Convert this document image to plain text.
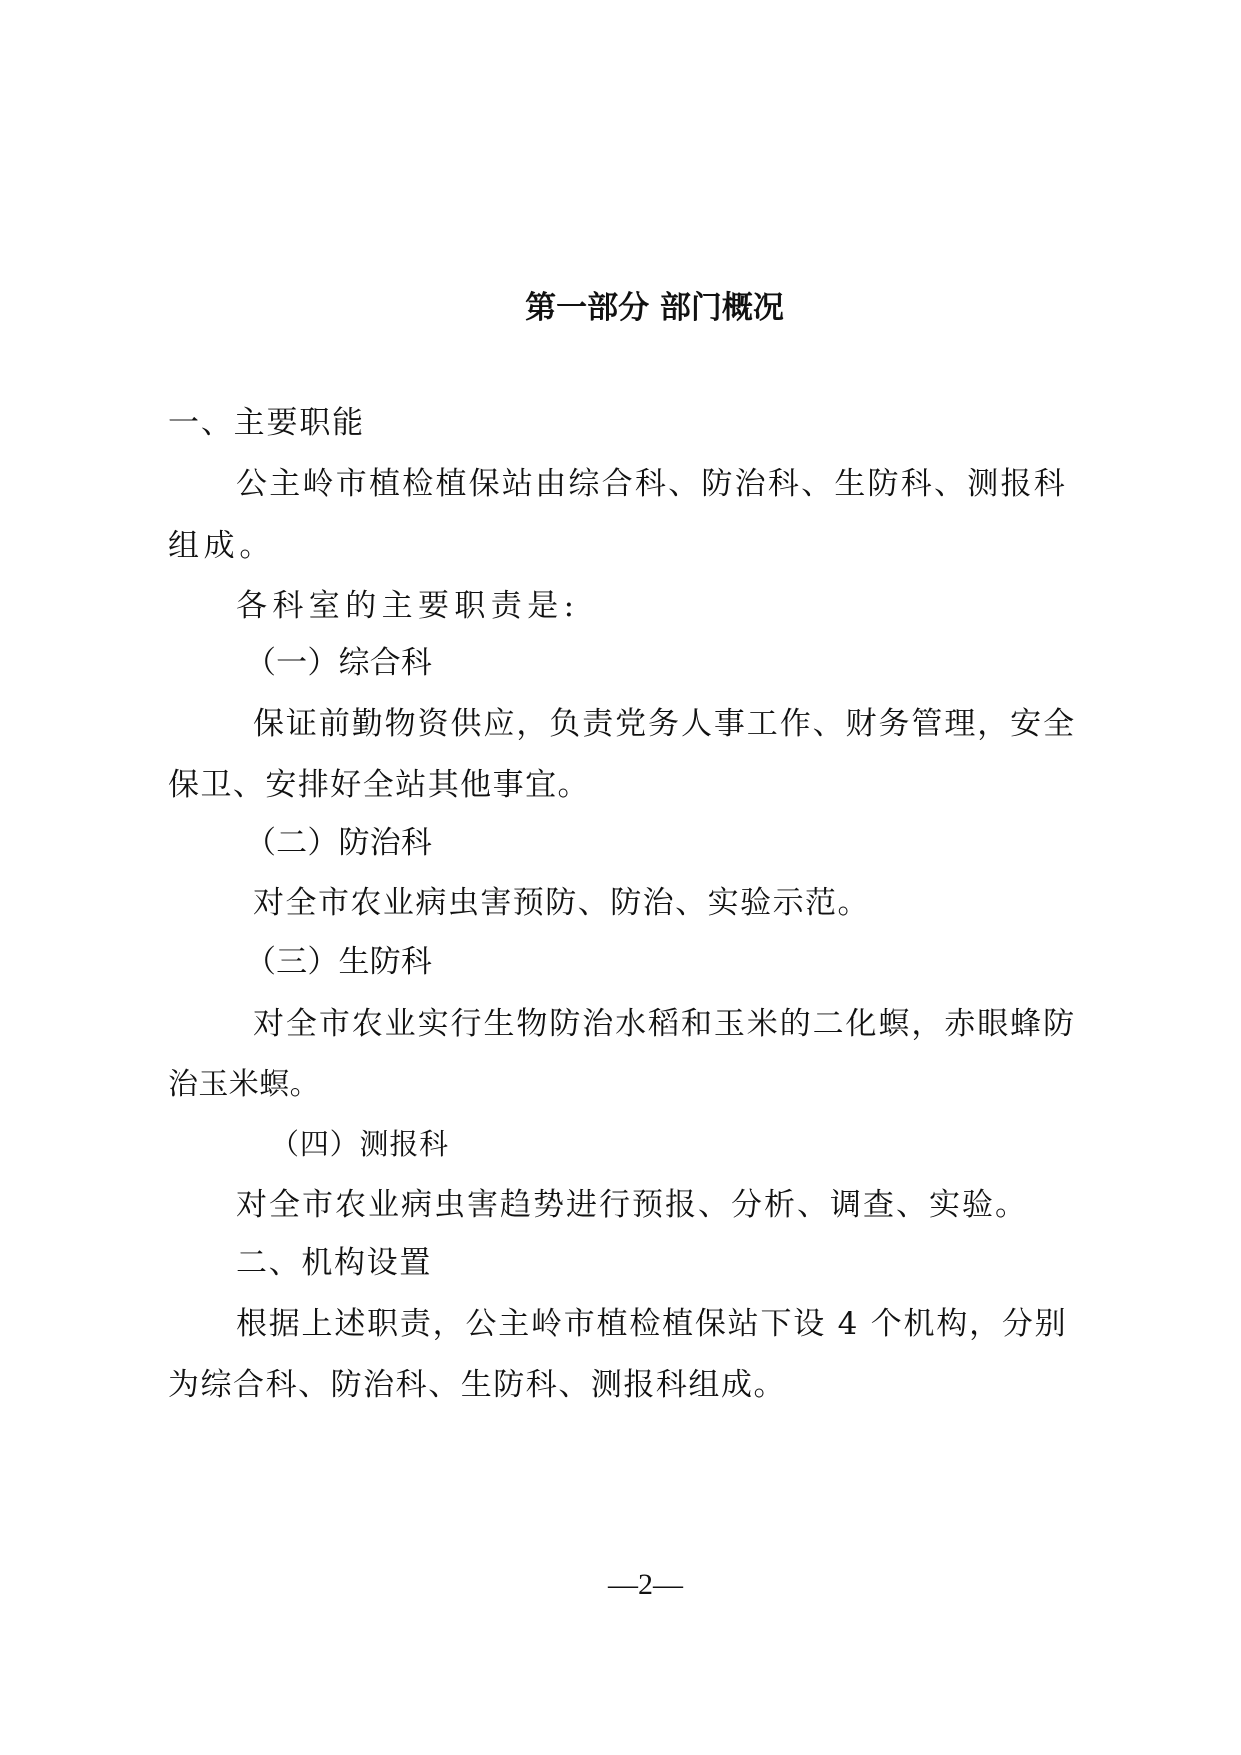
第一部分 部门概况
一、主要职能
公主岭市植检植保站由综合科、防治科、生防科、测报科
组成。
各科室的主要职责是:
（一）综合科
保证前勤物资供应，负责党务人事工作、财务管理，安全
保卫、安排好全站其他事宜。
（二）防治科
对全市农业病虫害预防、防治、实验示范。
（三）生防科
对全市农业实行生物防治水稻和玉米的二化螟，赤眼蜂防
治玉米螟。
（四）测报科
对全市农业病虫害趋势进行预报、分析、调查、实验。
二、机构设置
根据上述职责，公主岭市植检植保站下设 4 个机构，分别
为综合科、防治科、生防科、测报科组成。
—2—
